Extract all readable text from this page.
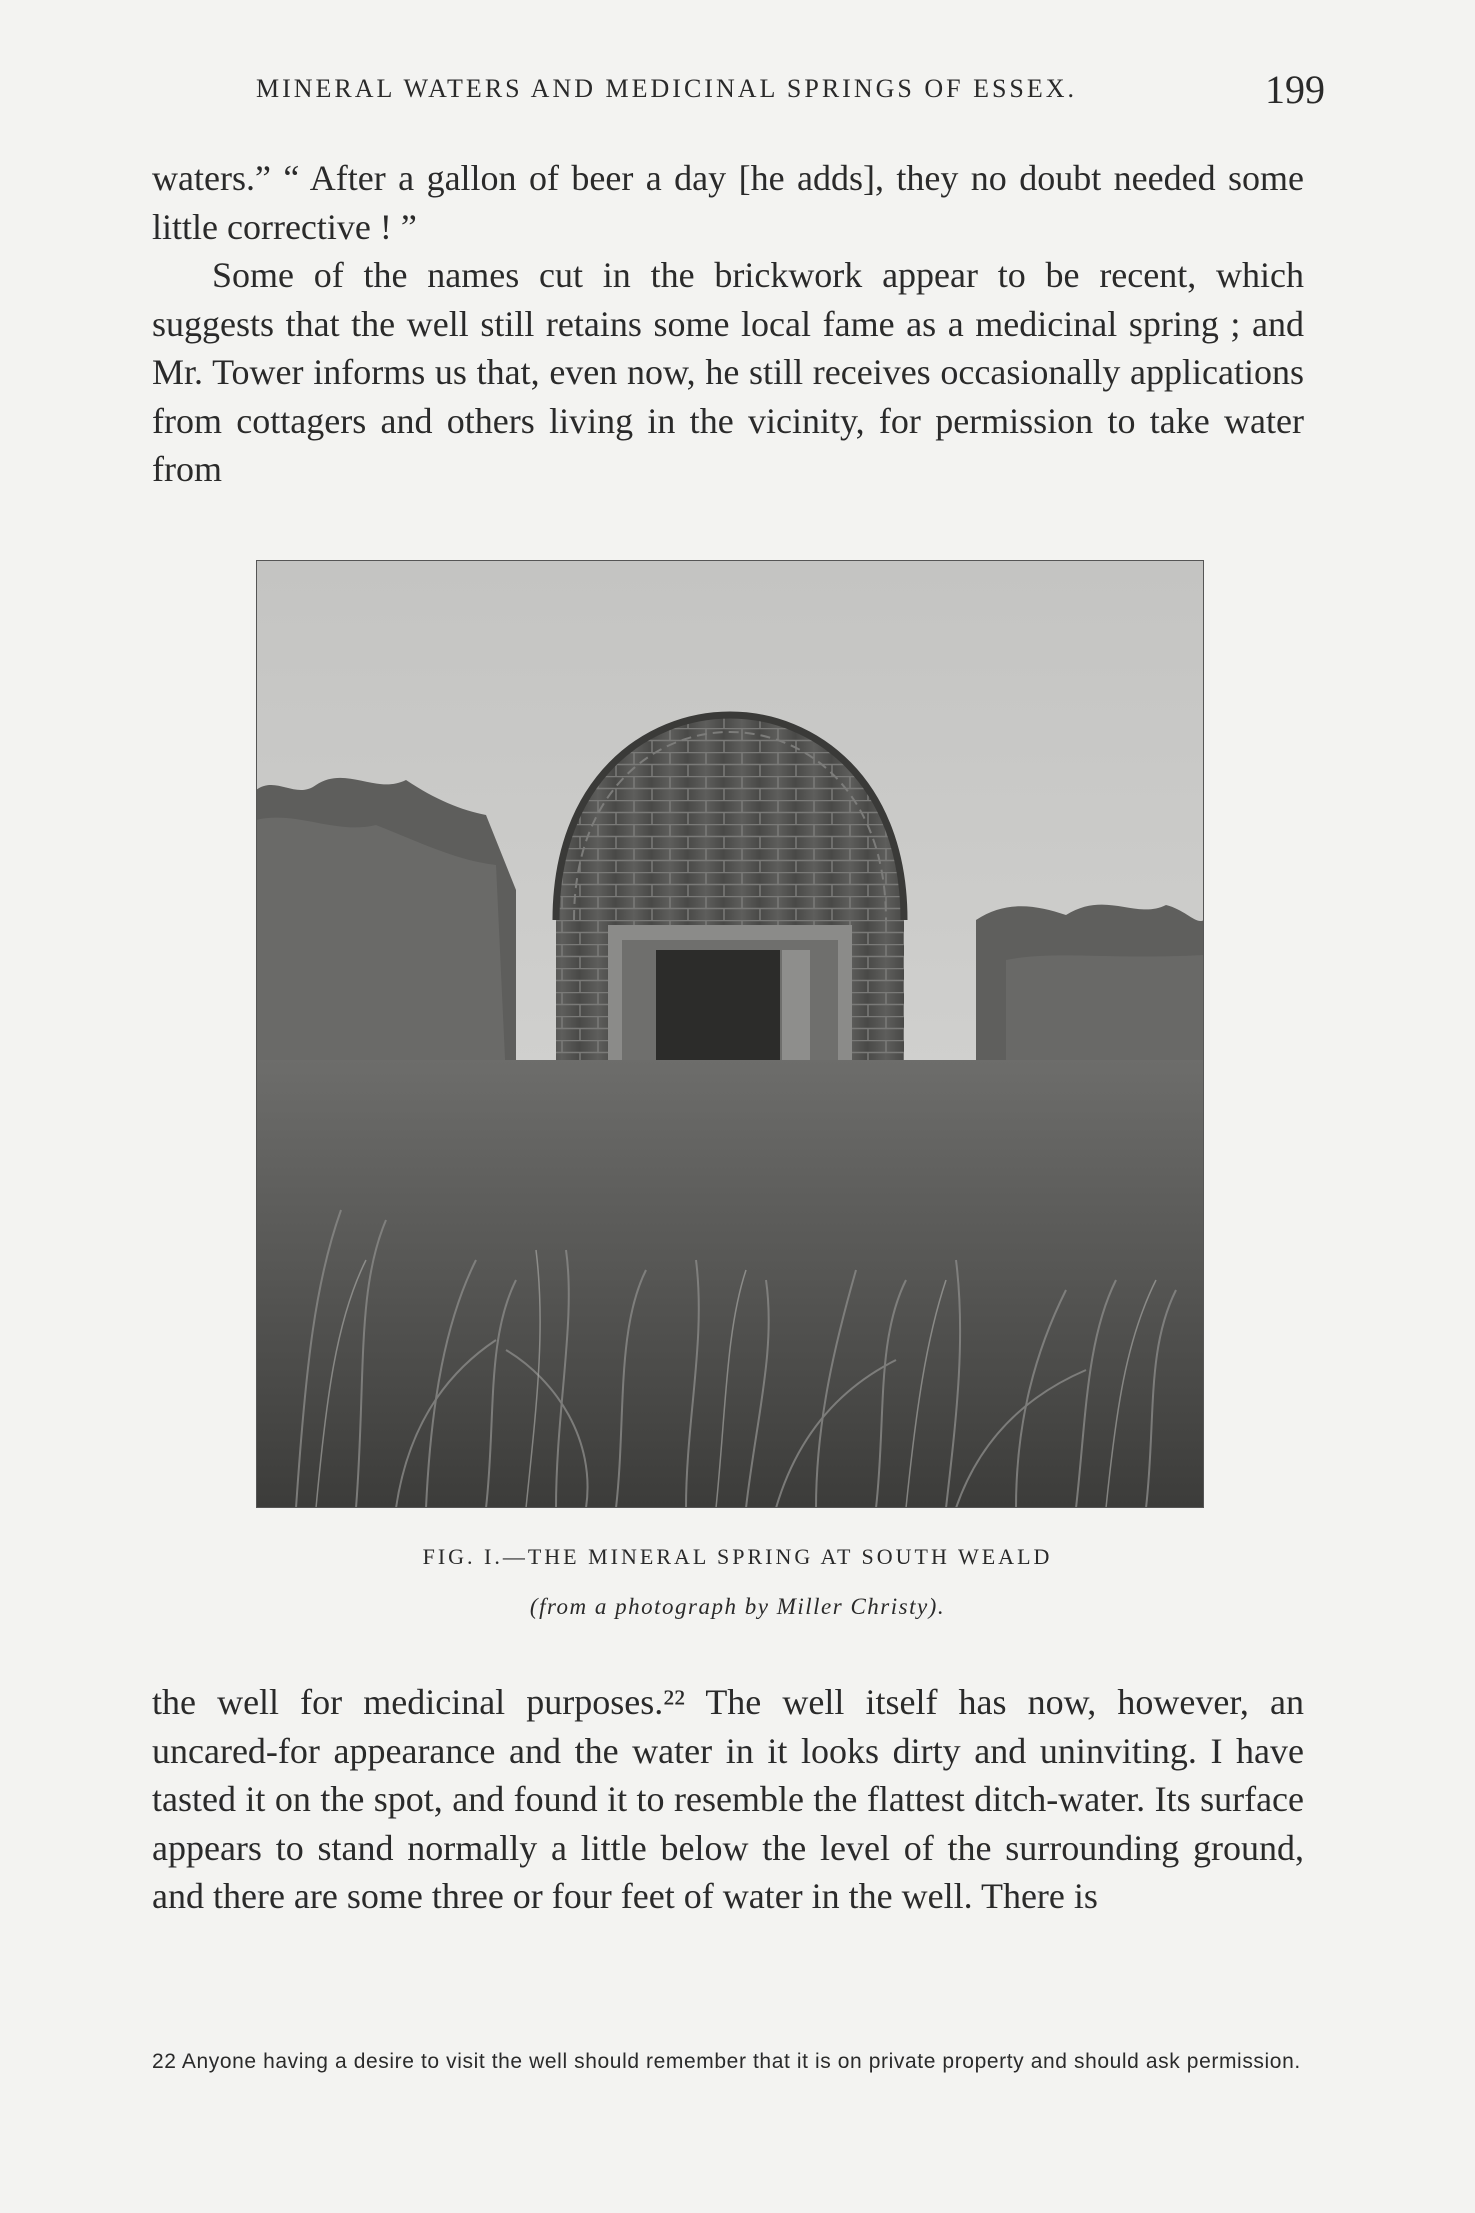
MINERAL WATERS AND MEDICINAL SPRINGS OF ESSEX.	199

waters.” “ After a gallon of beer a day [he adds], they no doubt needed some little corrective ! ”

Some of the names cut in the brickwork appear to be recent, which suggests that the well still retains some local fame as a medicinal spring ; and Mr. Tower informs us that, even now, he still receives occasionally applications from cottagers and others living in the vicinity, for permission to take water from

FIG. I.—THE MINERAL SPRING AT SOUTH WEALD
(from a photograph by Miller Christy).

the well for medicinal purposes.²² The well itself has now, however, an uncared-for appearance and the water in it looks dirty and uninviting. I have tasted it on the spot, and found it to resemble the flattest ditch-water. Its surface appears to stand normally a little below the level of the surrounding ground, and there are some three or four feet of water in the well. There is

22 Anyone having a desire to visit the well should remember that it is on private property and should ask permission.
